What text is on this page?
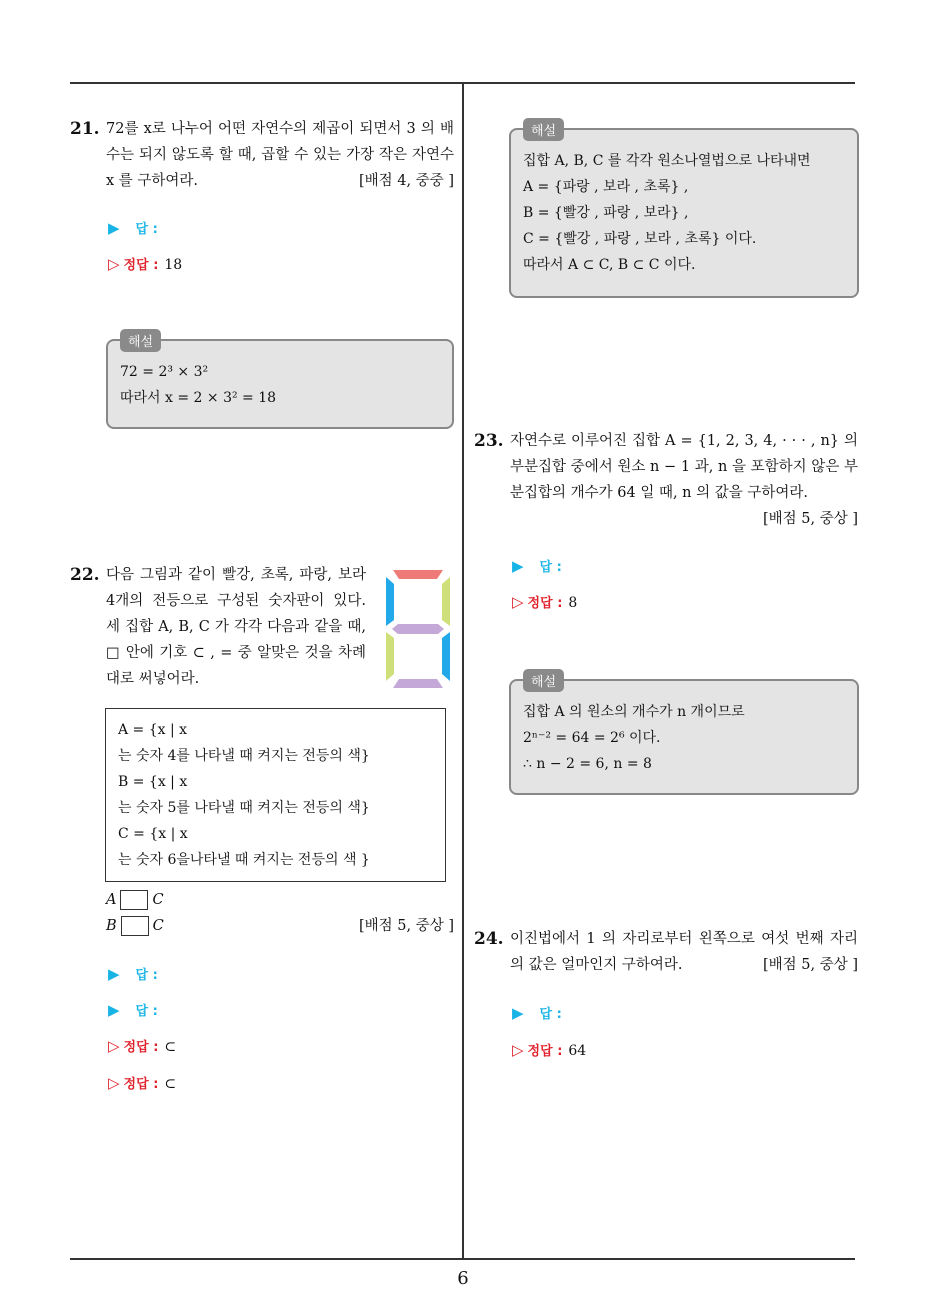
21. 72를 x로 나누어 어떤 자연수의 제곱이 되면서 3 의 배수는 되지 않도록 할 때, 곱할 수 있는 가장 작은 자연수 x 를 구하여라.	[배점 4, 중중 ]
▶ 답 :
▷ 정답 : 18
해설
72 = 2³ × 3²
따라서 x = 2 × 3² = 18
22. 다음 그림과 같이 빨강, 초록, 파랑, 보라 4개의 전등으로 구성된 숫자판이 있다. 세 집합 A, B, C 가 각각 다음과 같을 때, □ 안에 기호 ⊂ , = 중 알맞은 것을 차례대로 써넣어라.
A = {x | x
는 숫자 4를 나타낼 때 켜지는 전등의 색}
B = {x | x
는 숫자 5를 나타낼 때 켜지는 전등의 색}
C = {x | x
는 숫자 6을나타낼 때 켜지는 전등의 색 }
A C
B C	[배점 5, 중상 ]
▶ 답 :
▶ 답 :
▷ 정답 : ⊂
▷ 정답 : ⊂
해설
집합 A, B, C 를 각각 원소나열법으로 나타내면
A = {파랑 , 보라 , 초록} ,
B = {빨강 , 파랑 , 보라} ,
C = {빨강 , 파랑 , 보라 , 초록} 이다.
따라서 A ⊂ C, B ⊂ C 이다.
23. 자연수로 이루어진 집합 A = {1, 2, 3, 4, · · · , n} 의 부분집합 중에서 원소 n − 1 과, n 을 포함하지 않은 부분집합의 개수가 64 일 때, n 의 값을 구하여라.
[배점 5, 중상 ]
▶ 답 :
▷ 정답 : 8
해설
집합 A 의 원소의 개수가 n 개이므로
2ⁿ⁻² = 64 = 2⁶ 이다.
∴ n − 2 = 6, n = 8
24. 이진법에서 1 의 자리로부터 왼쪽으로 여섯 번째 자리의 값은 얼마인지 구하여라.	[배점 5, 중상 ]
▶ 답 :
▷ 정답 : 64
6
